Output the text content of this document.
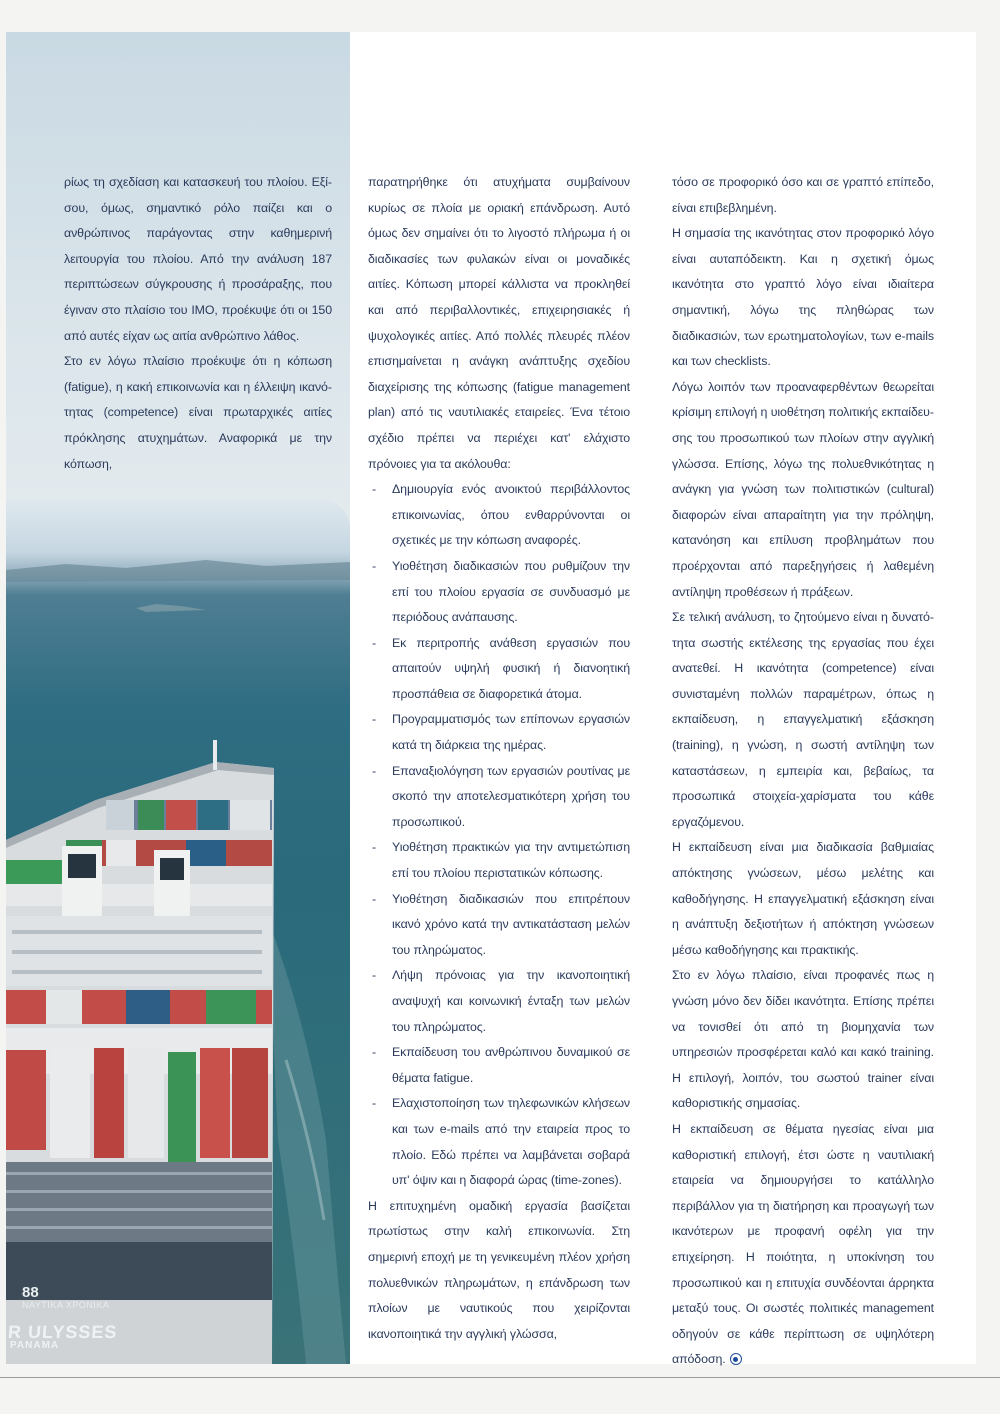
88
ΝΑΥΤΙΚΑ ΧΡΟΝΙΚΑ
R ULYSSES
PANAMA

ρίως τη σχεδίαση και κατασκευή του πλοίου. Εξίσου, όμως, σημαντικό ρόλο παίζει και ο ανθρώπινος παράγοντας στην καθημερινή λειτουργία του πλοίου. Από την ανάλυση 187 περιπτώσεων σύγκρουσης ή προσάραξης, που έγιναν στο πλαίσιο του IMO, προέκυψε ότι οι 150 από αυτές είχαν ως αιτία ανθρώπινο λάθος.

Στο εν λόγω πλαίσιο προέκυψε ότι η κόπωση (fatigue), η κακή επικοινωνία και η έλλειψη ικανότητας (competence) είναι πρωταρχικές αιτίες πρόκλησης ατυχημάτων. Αναφορικά με την κόπωση,

παρατηρήθηκε ότι ατυχήματα συμβαίνουν κυρίως σε πλοία με οριακή επάνδρωση. Αυτό όμως δεν σημαίνει ότι το λιγοστό πλήρωμα ή οι διαδικασίες των φυλακών είναι οι μοναδικές αιτίες. Κόπωση μπορεί κάλλιστα να προκληθεί και από περιβαλλοντικές, επιχειρησιακές ή ψυχολογικές αιτίες. Από πολλές πλευρές πλέον επισημαίνεται η ανάγκη ανάπτυξης σχεδίου διαχείρισης της κόπωσης (fatigue management plan) από τις ναυτιλιακές εταιρείες. Ένα τέτοιο σχέδιο πρέπει να περιέχει κατ' ελάχιστο πρόνοιες για τα ακόλουθα:

- Δημιουργία ενός ανοικτού περιβάλλοντος επικοινωνίας, όπου ενθαρρύνονται οι σχετικές με την κόπωση αναφορές.
- Υιοθέτηση διαδικασιών που ρυθμίζουν την επί του πλοίου εργασία σε συνδυασμό με περιόδους ανάπαυσης.
- Εκ περιτροπής ανάθεση εργασιών που απαιτούν υψηλή φυσική ή διανοητική προσπάθεια σε διαφορετικά άτομα.
- Προγραμματισμός των επίπονων εργασιών κατά τη διάρκεια της ημέρας.
- Επαναξιολόγηση των εργασιών ρουτίνας με σκοπό την αποτελεσματικότερη χρήση του προσωπικού.
- Υιοθέτηση πρακτικών για την αντιμετώπιση επί του πλοίου περιστατικών κόπωσης.
- Υιοθέτηση διαδικασιών που επιτρέπουν ικανό χρόνο κατά την αντικατάσταση μελών του πληρώματος.
- Λήψη πρόνοιας για την ικανοποιητική αναψυχή και κοινωνική ένταξη των μελών του πληρώματος.
- Εκπαίδευση του ανθρώπινου δυναμικού σε θέματα fatigue.
- Ελαχιστοποίηση των τηλεφωνικών κλήσεων και των e-mails από την εταιρεία προς το πλοίο. Εδώ πρέπει να λαμβάνεται σοβαρά υπ' όψιν και η διαφορά ώρας (time-zones).

Η επιτυχημένη ομαδική εργασία βασίζεται πρωτίστως στην καλή επικοινωνία. Στη σημερινή εποχή με τη γενικευμένη πλέον χρήση πολυεθνικών πληρωμάτων, η επάνδρωση των πλοίων με ναυτικούς που χειρίζονται ικανοποιητικά την αγγλική γλώσσα,

τόσο σε προφορικό όσο και σε γραπτό επίπεδο, είναι επιβεβλημένη.

Η σημασία της ικανότητας στον προφορικό λόγο είναι αυταπόδεικτη. Και η σχετική όμως ικανότητα στο γραπτό λόγο είναι ιδιαίτερα σημαντική, λόγω της πληθώρας των διαδικασιών, των ερωτηματολογίων, των e-mails και των checklists.

Λόγω λοιπόν των προαναφερθέντων θεωρείται κρίσιμη επιλογή η υιοθέτηση πολιτικής εκπαίδευσης του προσωπικού των πλοίων στην αγγλική γλώσσα. Επίσης, λόγω της πολυεθνικότητας η ανάγκη για γνώση των πολιτιστικών (cultural) διαφορών είναι απαραίτητη για την πρόληψη, κατανόηση και επίλυση προβλημάτων που προέρχονται από παρεξηγήσεις ή λαθεμένη αντίληψη προθέσεων ή πράξεων.

Σε τελική ανάλυση, το ζητούμενο είναι η δυνατότητα σωστής εκτέλεσης της εργασίας που έχει ανατεθεί. Η ικανότητα (competence) είναι συνισταμένη πολλών παραμέτρων, όπως η εκπαίδευση, η επαγγελματική εξάσκηση (training), η γνώση, η σωστή αντίληψη των καταστάσεων, η εμπειρία και, βεβαίως, τα προσωπικά στοιχεία-χαρίσματα του κάθε εργαζόμενου.

Η εκπαίδευση είναι μια διαδικασία βαθμιαίας απόκτησης γνώσεων, μέσω μελέτης και καθοδήγησης. Η επαγγελματική εξάσκηση είναι η ανάπτυξη δεξιοτήτων ή απόκτηση γνώσεων μέσω καθοδήγησης και πρακτικής.

Στο εν λόγω πλαίσιο, είναι προφανές πως η γνώση μόνο δεν δίδει ικανότητα. Επίσης πρέπει να τονισθεί ότι από τη βιομηχανία των υπηρεσιών προσφέρεται καλό και κακό training. Η επιλογή, λοιπόν, του σωστού trainer είναι καθοριστικής σημασίας.

Η εκπαίδευση σε θέματα ηγεσίας είναι μια καθοριστική επιλογή, έτσι ώστε η ναυτιλιακή εταιρεία να δημιουργήσει το κατάλληλο περιβάλλον για τη διατήρηση και προαγωγή των ικανότερων με προφανή οφέλη για την επιχείρηση. Η ποιότητα, η υποκίνηση του προσωπικού και η επιτυχία συνδέονται άρρηκτα μεταξύ τους. Οι σωστές πολιτικές management οδηγούν σε κάθε περίπτωση σε υψηλότερη απόδοση.
